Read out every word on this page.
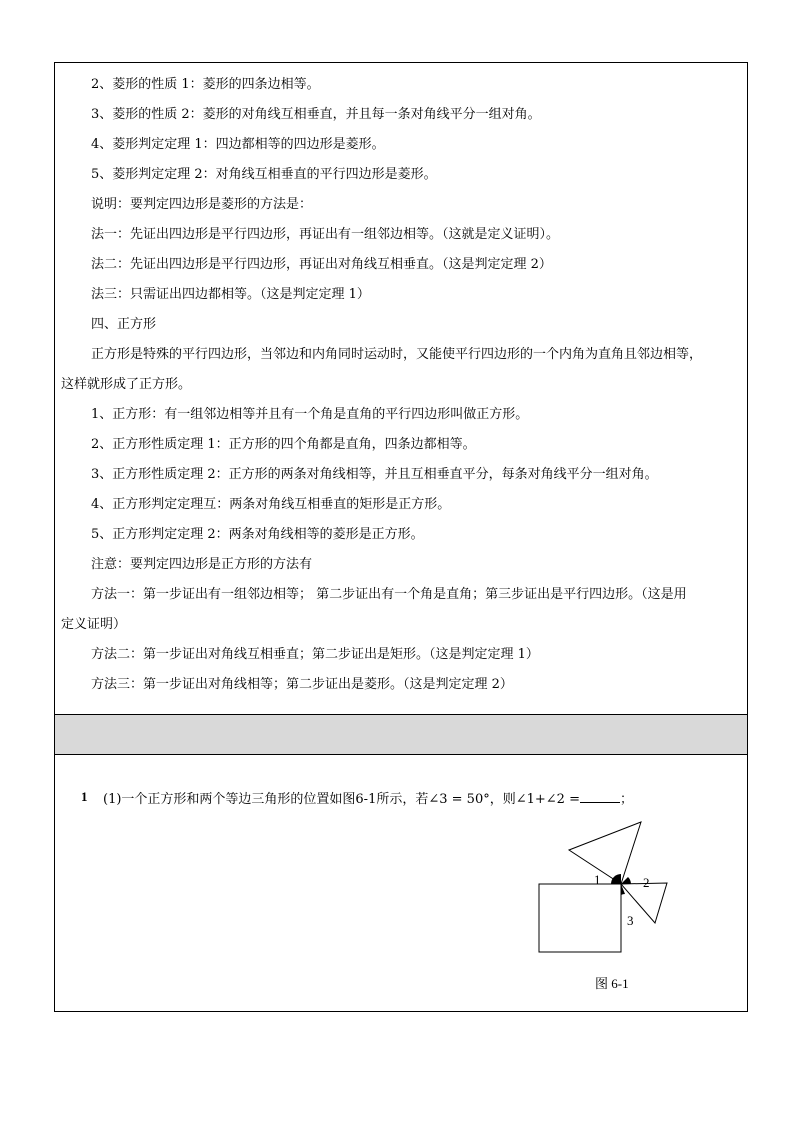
2、菱形的性质 1：菱形的四条边相等。
3、菱形的性质 2：菱形的对角线互相垂直，并且每一条对角线平分一组对角。
4、菱形判定定理 1：四边都相等的四边形是菱形。
5、菱形判定定理 2：对角线互相垂直的平行四边形是菱形。
说明：要判定四边形是菱形的方法是：
法一：先证出四边形是平行四边形，再证出有一组邻边相等。（这就是定义证明）。
法二：先证出四边形是平行四边形，再证出对角线互相垂直。（这是判定定理 2）
法三：只需证出四边都相等。（这是判定定理 1）
四、正方形
正方形是特殊的平行四边形，当邻边和内角同时运动时，又能使平行四边形的一个内角为直角且邻边相等，
这样就形成了正方形。
1、正方形：有一组邻边相等并且有一个角是直角的平行四边形叫做正方形。
2、正方形性质定理 1：正方形的四个角都是直角，四条边都相等。
3、正方形性质定理 2：正方形的两条对角线相等，并且互相垂直平分，每条对角线平分一组对角。
4、正方形判定定理互：两条对角线互相垂直的矩形是正方形。
5、正方形判定定理 2：两条对角线相等的菱形是正方形。
注意：要判定四边形是正方形的方法有
方法一：第一步证出有一组邻边相等； 第二步证出有一个角是直角；第三步证出是平行四边形。（这是用
定义证明）
方法二：第一步证出对角线互相垂直；第二步证出是矩形。（这是判定定理 1）
方法三：第一步证出对角线相等；第二步证出是菱形。（这是判定定理 2）
1 (1)一个正方形和两个等边三角形的位置如图6-1所示，若∠3 = 50°，则∠1+∠2 =	；
1	2
3
图 6-1
